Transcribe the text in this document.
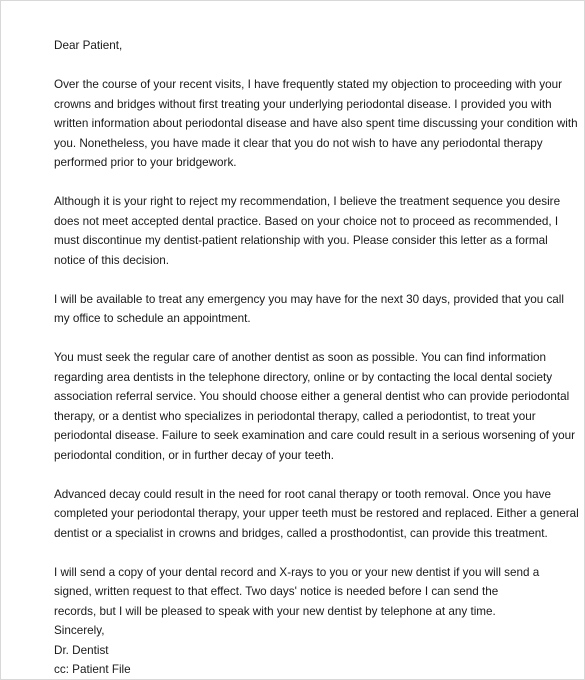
Dear Patient,
Over the course of your recent visits, I have frequently stated my objection to proceeding with your
crowns and bridges without first treating your underlying periodontal disease. I provided you with
written information about periodontal disease and have also spent time discussing your condition with
you. Nonetheless, you have made it clear that you do not wish to have any periodontal therapy
performed prior to your bridgework.
Although it is your right to reject my recommendation, I believe the treatment sequence you desire
does not meet accepted dental practice. Based on your choice not to proceed as recommended, I
must discontinue my dentist-patient relationship with you. Please consider this letter as a formal
notice of this decision.
I will be available to treat any emergency you may have for the next 30 days, provided that you call
my office to schedule an appointment.
You must seek the regular care of another dentist as soon as possible. You can find information
regarding area dentists in the telephone directory, online or by contacting the local dental society
association referral service. You should choose either a general dentist who can provide periodontal
therapy, or a dentist who specializes in periodontal therapy, called a periodontist, to treat your
periodontal disease. Failure to seek examination and care could result in a serious worsening of your
periodontal condition, or in further decay of your teeth.
Advanced decay could result in the need for root canal therapy or tooth removal. Once you have
completed your periodontal therapy, your upper teeth must be restored and replaced. Either a general
dentist or a specialist in crowns and bridges, called a prosthodontist, can provide this treatment.
I will send a copy of your dental record and X-rays to you or your new dentist if you will send a
signed, written request to that effect. Two days' notice is needed before I can send the
records, but I will be pleased to speak with your new dentist by telephone at any time.
Sincerely,
Dr. Dentist
cc: Patient File
